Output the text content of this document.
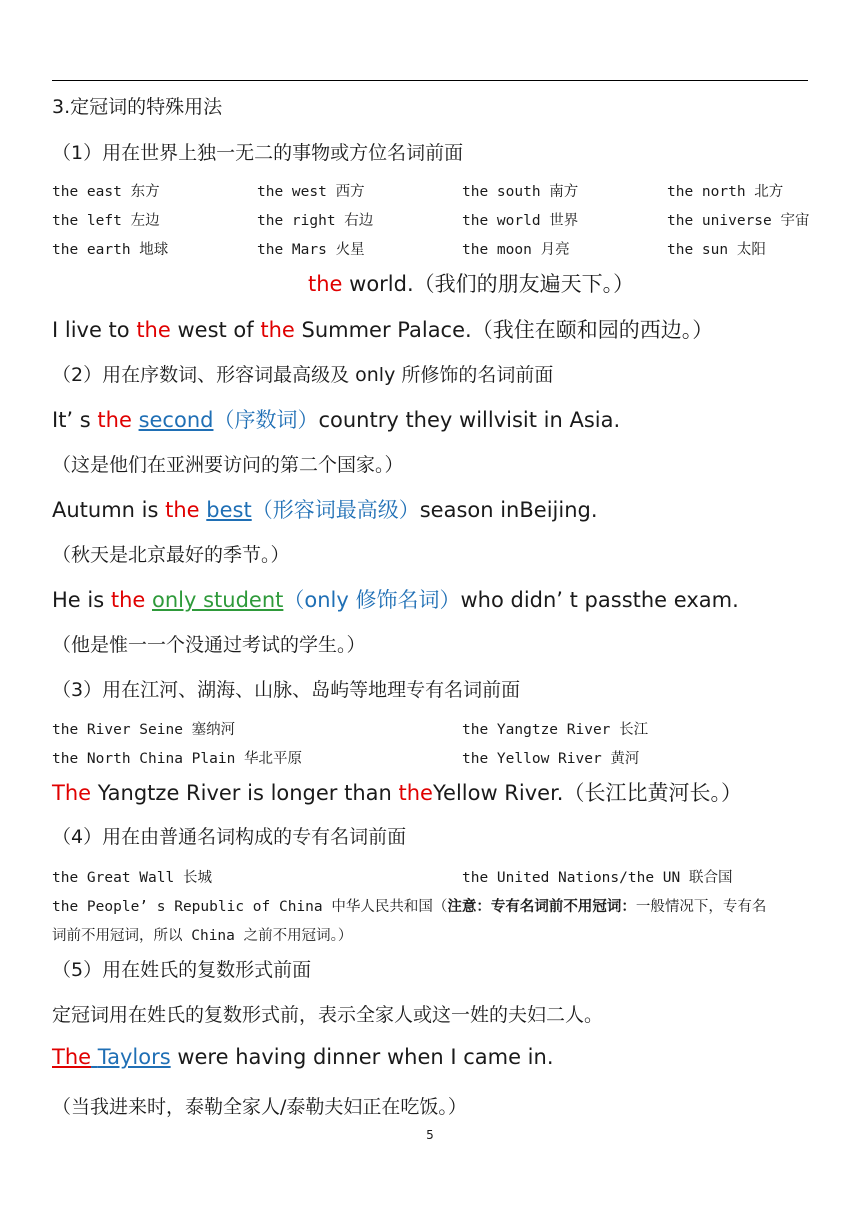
3.定冠词的特殊用法
（1）用在世界上独一无二的事物或方位名词前面
the east 东方	the west 西方	the south 南方	the north 北方
the left 左边	the right 右边	the world 世界	the universe 宇宙
the earth 地球	the Mars 火星	the moon 月亮	the sun 太阳
the world.（我们的朋友遍天下。）
I live to the west of the Summer Palace.（我住在颐和园的西边。）
（2）用在序数词、形容词最高级及 only 所修饰的名词前面
It’ s the second（序数词）country they willvisit in Asia.
（这是他们在亚洲要访问的第二个国家。）
Autumn is the best（形容词最高级）season inBeijing.
（秋天是北京最好的季节。）
He is the only student（only 修饰名词）who didn’ t passthe exam.
（他是惟一一个没通过考试的学生。）
（3）用在江河、湖海、山脉、岛屿等地理专有名词前面
the River Seine 塞纳河	the Yangtze River 长江
the North China Plain 华北平原	the Yellow River 黄河
The Yangtze River is longer than theYellow River.（长江比黄河长。）
（4）用在由普通名词构成的专有名词前面
the Great Wall 长城	the United Nations/the UN 联合国
the People’ s Republic of China 中华人民共和国（注意：专有名词前不用冠词：一般情况下，专有名
词前不用冠词，所以 China 之前不用冠词。）
（5）用在姓氏的复数形式前面
定冠词用在姓氏的复数形式前，表示全家人或这一姓的夫妇二人。
The Taylors were having dinner when I came in.
（当我进来时，泰勒全家人/泰勒夫妇正在吃饭。）
5
